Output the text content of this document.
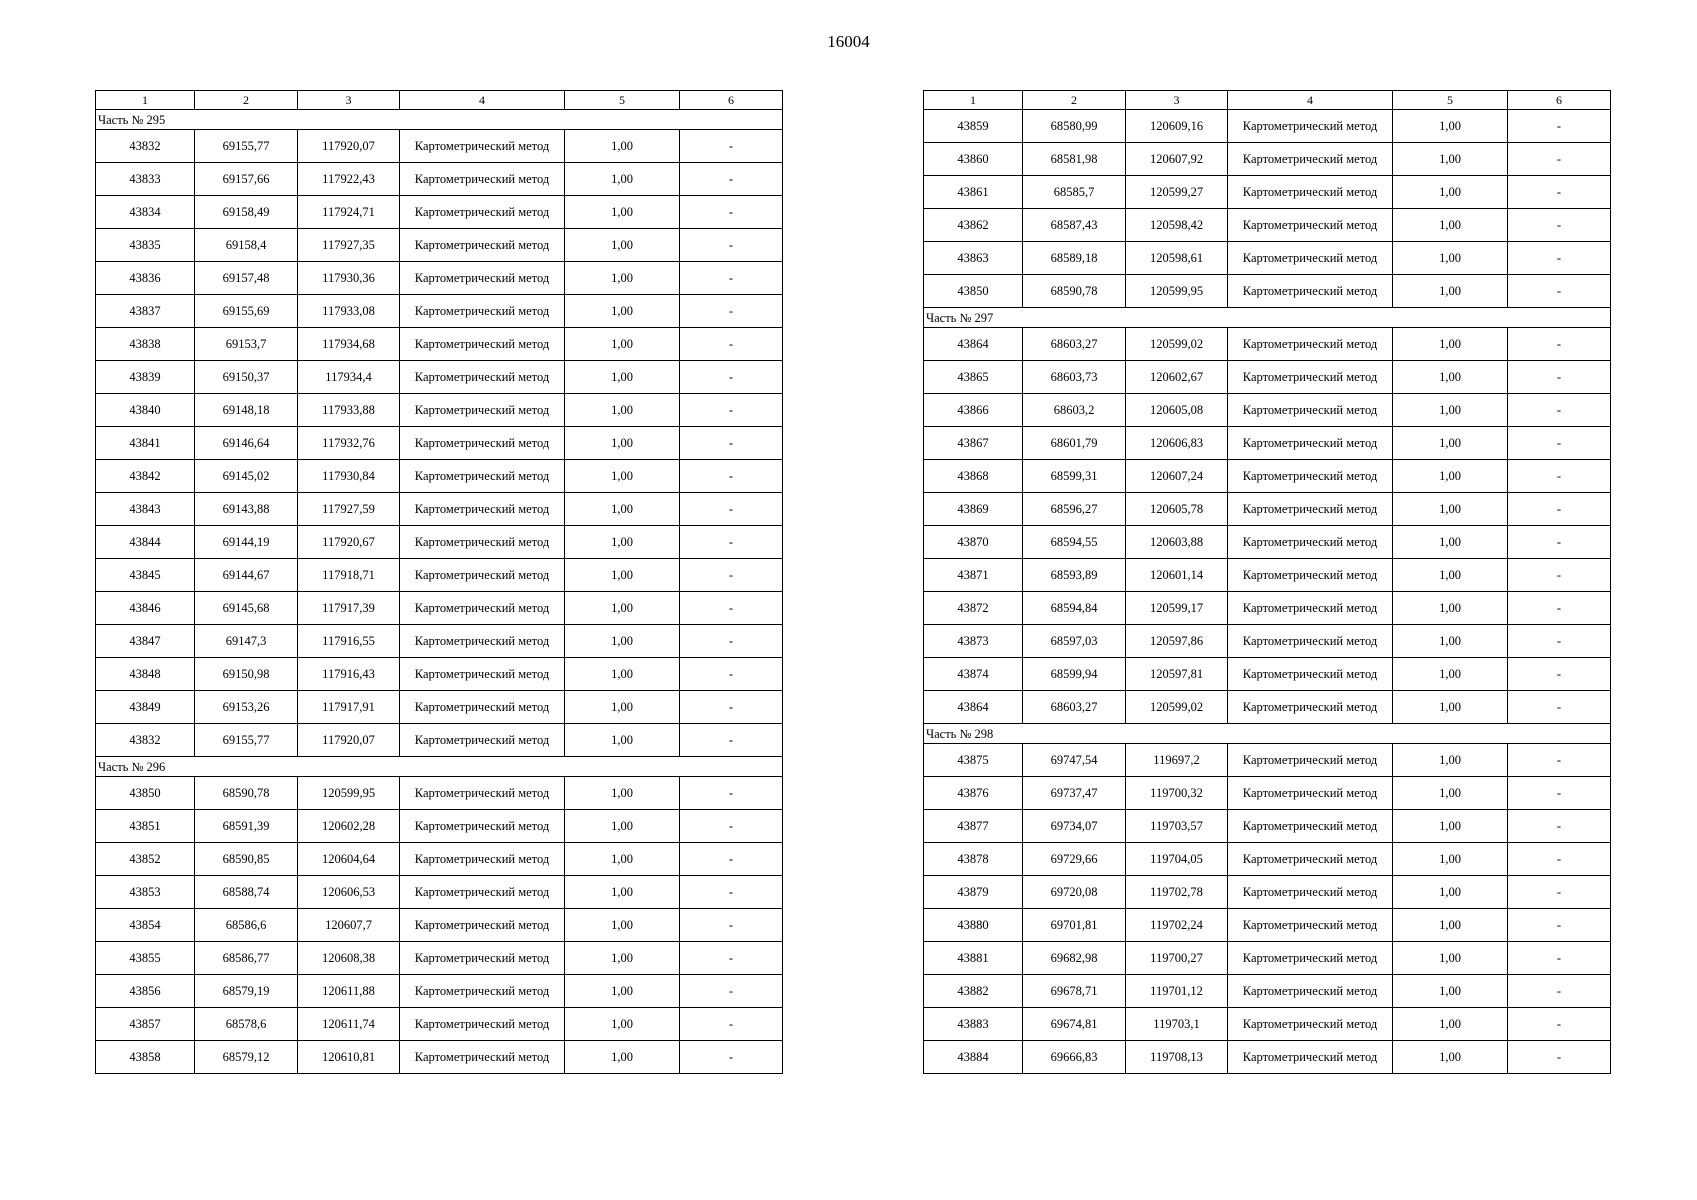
16004
1	2	3	4	5	6
Часть № 295					
43832	69155,77	117920,07	Картометрический метод	1,00	-
43833	69157,66	117922,43	Картометрический метод	1,00	-
43834	69158,49	117924,71	Картометрический метод	1,00	-
43835	69158,4	117927,35	Картометрический метод	1,00	-
43836	69157,48	117930,36	Картометрический метод	1,00	-
43837	69155,69	117933,08	Картометрический метод	1,00	-
43838	69153,7	117934,68	Картометрический метод	1,00	-
43839	69150,37	117934,4	Картометрический метод	1,00	-
43840	69148,18	117933,88	Картометрический метод	1,00	-
43841	69146,64	117932,76	Картометрический метод	1,00	-
43842	69145,02	117930,84	Картометрический метод	1,00	-
43843	69143,88	117927,59	Картометрический метод	1,00	-
43844	69144,19	117920,67	Картометрический метод	1,00	-
43845	69144,67	117918,71	Картометрический метод	1,00	-
43846	69145,68	117917,39	Картометрический метод	1,00	-
43847	69147,3	117916,55	Картометрический метод	1,00	-
43848	69150,98	117916,43	Картометрический метод	1,00	-
43849	69153,26	117917,91	Картометрический метод	1,00	-
43832	69155,77	117920,07	Картометрический метод	1,00	-
Часть № 296					
43850	68590,78	120599,95	Картометрический метод	1,00	-
43851	68591,39	120602,28	Картометрический метод	1,00	-
43852	68590,85	120604,64	Картометрический метод	1,00	-
43853	68588,74	120606,53	Картометрический метод	1,00	-
43854	68586,6	120607,7	Картометрический метод	1,00	-
43855	68586,77	120608,38	Картометрический метод	1,00	-
43856	68579,19	120611,88	Картометрический метод	1,00	-
43857	68578,6	120611,74	Картометрический метод	1,00	-
43858	68579,12	120610,81	Картометрический метод	1,00	-
1	2	3	4	5	6
43859	68580,99	120609,16	Картометрический метод	1,00	-
43860	68581,98	120607,92	Картометрический метод	1,00	-
43861	68585,7	120599,27	Картометрический метод	1,00	-
43862	68587,43	120598,42	Картометрический метод	1,00	-
43863	68589,18	120598,61	Картометрический метод	1,00	-
43850	68590,78	120599,95	Картометрический метод	1,00	-
Часть № 297					
43864	68603,27	120599,02	Картометрический метод	1,00	-
43865	68603,73	120602,67	Картометрический метод	1,00	-
43866	68603,2	120605,08	Картометрический метод	1,00	-
43867	68601,79	120606,83	Картометрический метод	1,00	-
43868	68599,31	120607,24	Картометрический метод	1,00	-
43869	68596,27	120605,78	Картометрический метод	1,00	-
43870	68594,55	120603,88	Картометрический метод	1,00	-
43871	68593,89	120601,14	Картометрический метод	1,00	-
43872	68594,84	120599,17	Картометрический метод	1,00	-
43873	68597,03	120597,86	Картометрический метод	1,00	-
43874	68599,94	120597,81	Картометрический метод	1,00	-
43864	68603,27	120599,02	Картометрический метод	1,00	-
Часть № 298					
43875	69747,54	119697,2	Картометрический метод	1,00	-
43876	69737,47	119700,32	Картометрический метод	1,00	-
43877	69734,07	119703,57	Картометрический метод	1,00	-
43878	69729,66	119704,05	Картометрический метод	1,00	-
43879	69720,08	119702,78	Картометрический метод	1,00	-
43880	69701,81	119702,24	Картометрический метод	1,00	-
43881	69682,98	119700,27	Картометрический метод	1,00	-
43882	69678,71	119701,12	Картометрический метод	1,00	-
43883	69674,81	119703,1	Картометрический метод	1,00	-
43884	69666,83	119708,13	Картометрический метод	1,00	-
